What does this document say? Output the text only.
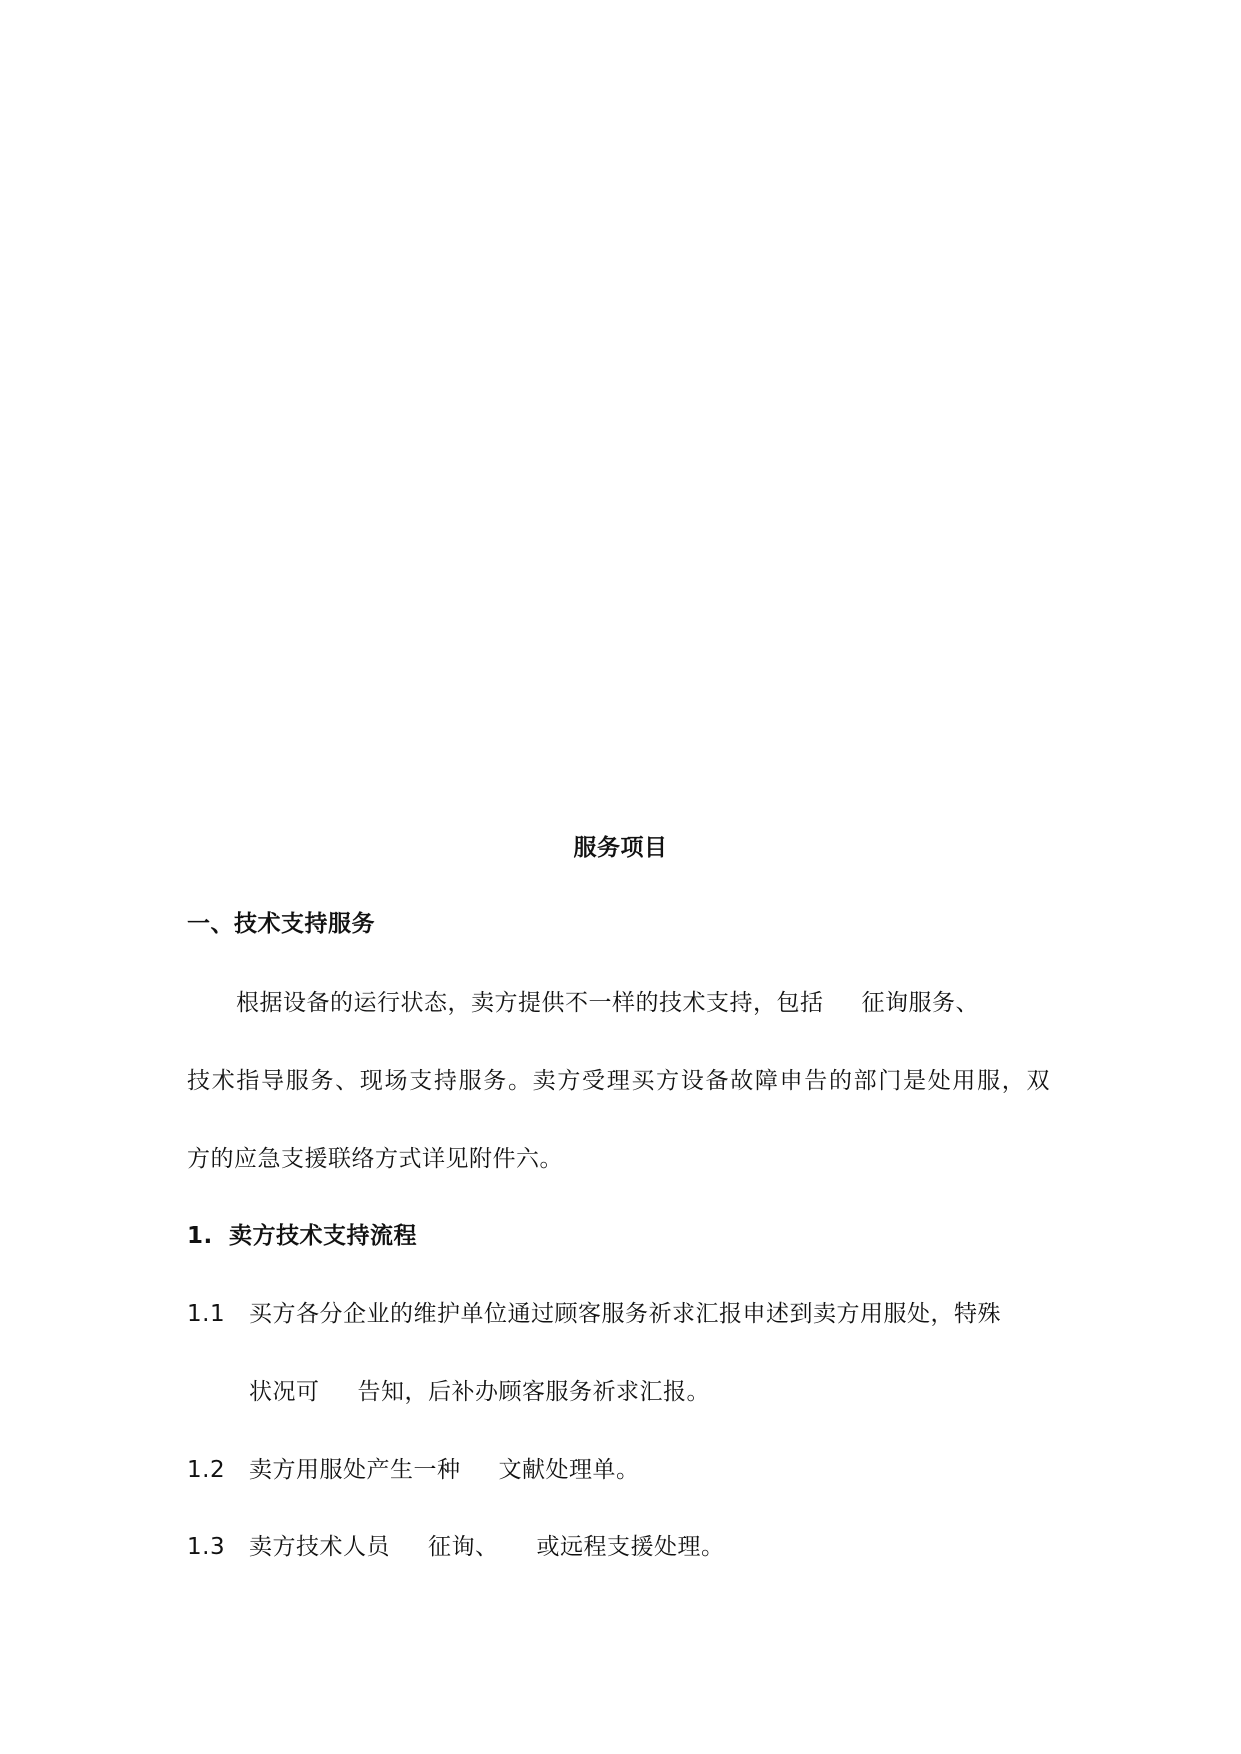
服务项目
一、技术支持服务
根据设备的运行状态，卖方提供不一样的技术支持，包括 征询服务、
技术指导服务、现场支持服务。卖方受理买方设备故障申告的部门是处用服，双
方的应急支援联络方式详见附件六。
1. 卖方技术支持流程
1.1 买方各分企业的维护单位通过顾客服务祈求汇报申述到卖方用服处，特殊
状况可 告知，后补办顾客服务祈求汇报。
1.2 卖方用服处产生一种 文献处理单。
1.3 卖方技术人员 征询、 或远程支援处理。
